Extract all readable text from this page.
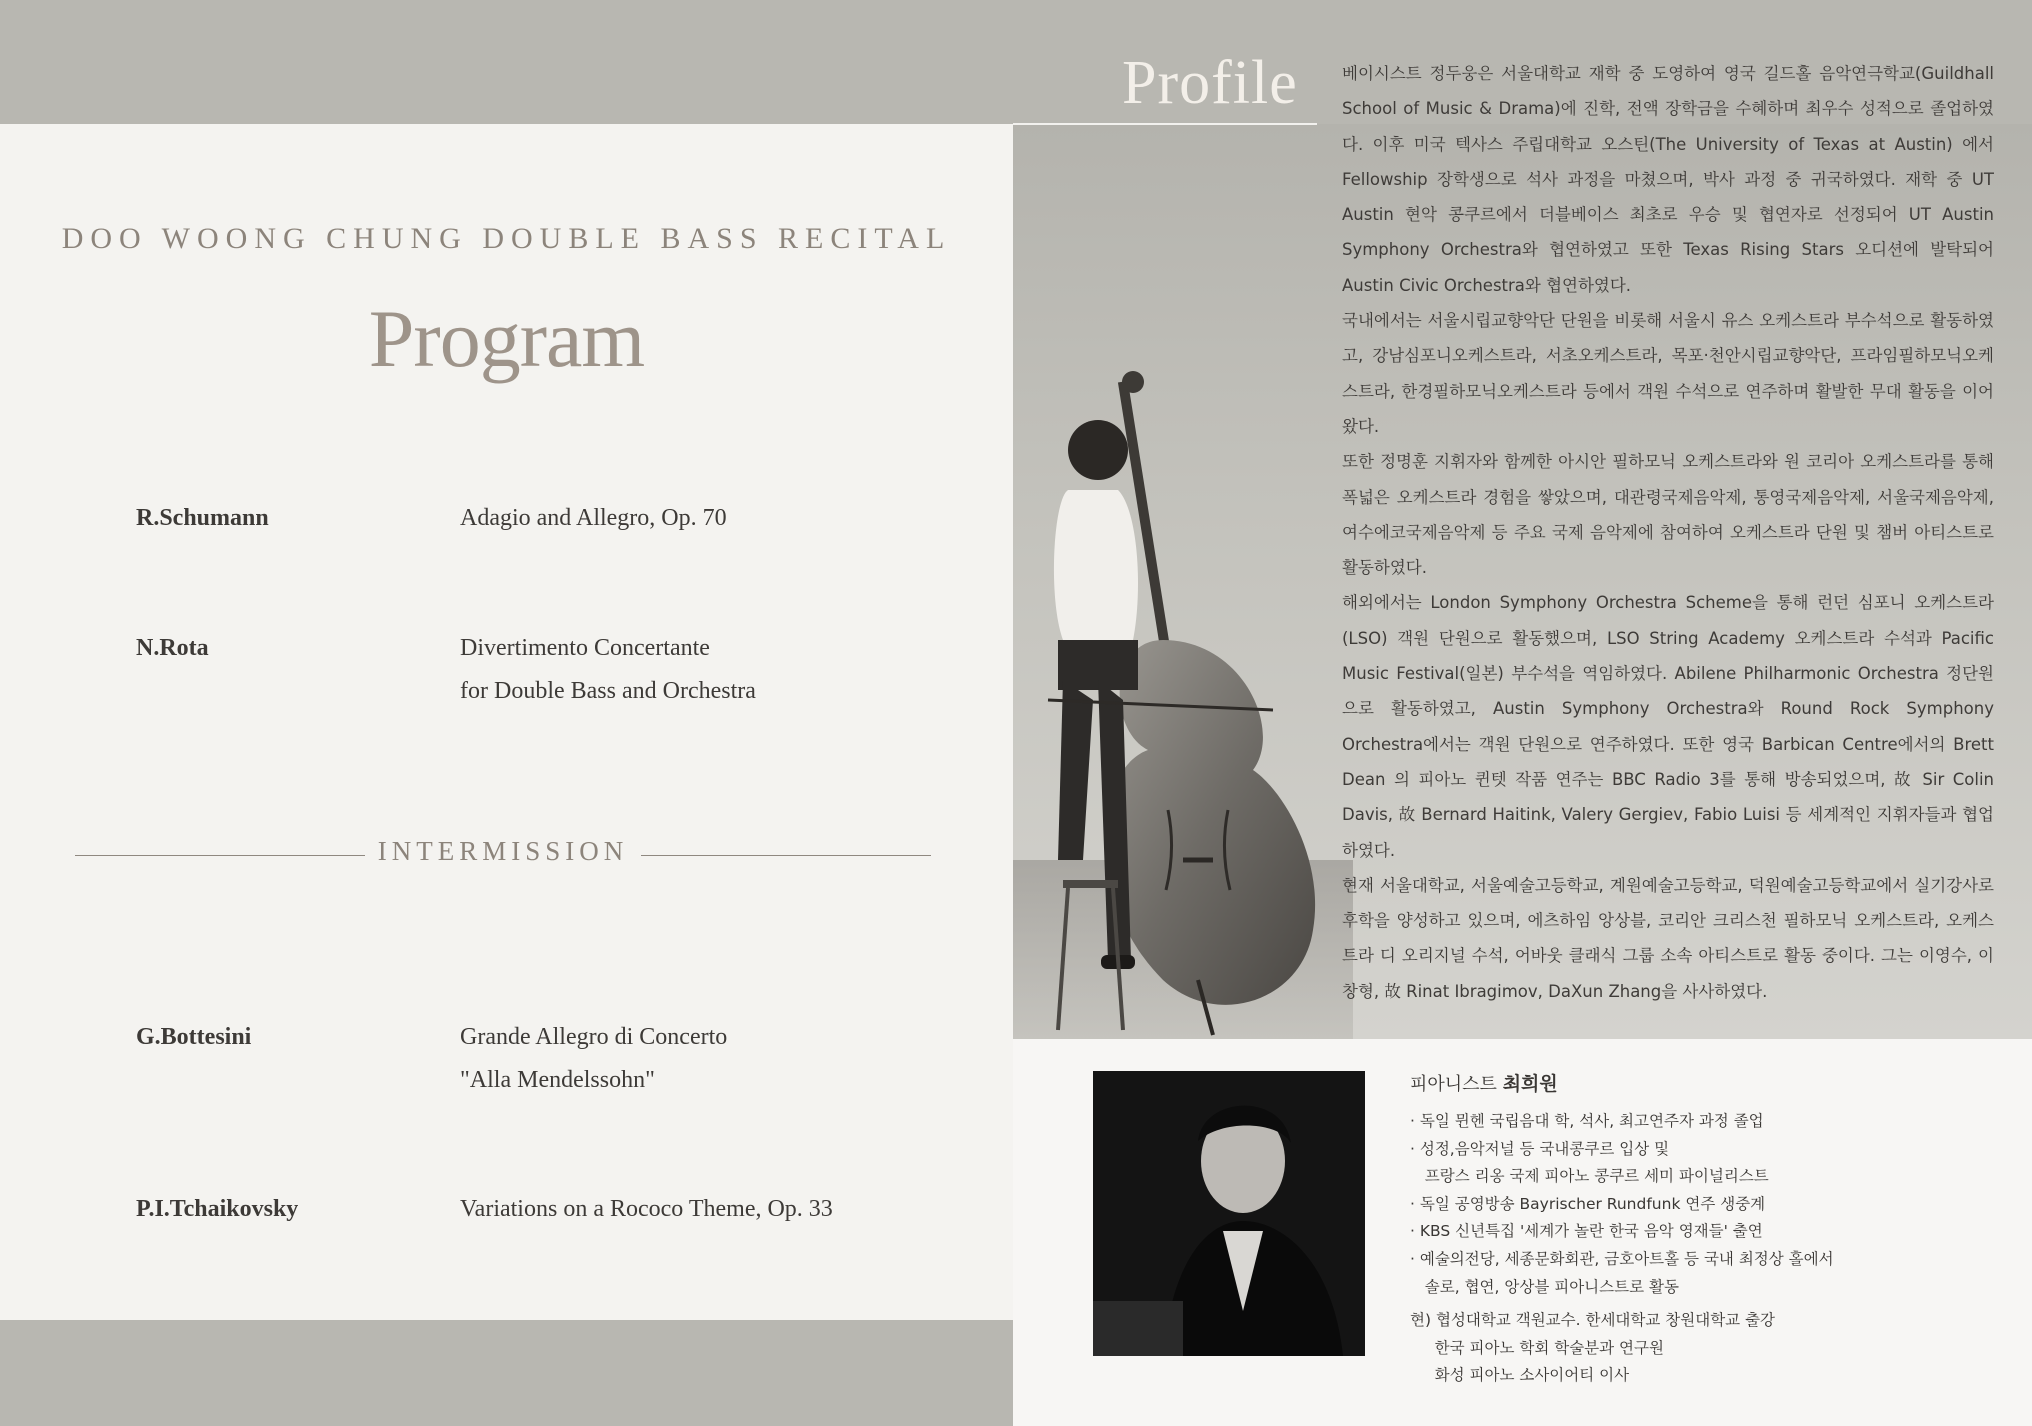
DOO WOONG CHUNG DOUBLE BASS RECITAL
Program
R.Schumann	Adagio and Allegro, Op. 70
N.Rota	Divertimento Concertante
for Double Bass and Orchestra
INTERMISSION
G.Bottesini	Grande Allegro di Concerto
"Alla Mendelssohn"
P.I.Tchaikovsky	Variations on a Rococo Theme, Op. 33
Profile	베이시스트 정두웅은 서울대학교 재학 중 도영하여 영국 길드홀 음악연극학교(Guildhall School of Music & Drama)에 진학, 전액 장학금을 수혜하며 최우수 성적으로 졸업하였다. 이후 미국 텍사스 주립대학교 오스틴(The University of Texas at Austin) 에서 Fellowship 장학생으로 석사 과정을 마쳤으며, 박사 과정 중 귀국하였다. 재학 중 UT Austin 현악 콩쿠르에서 더블베이스 최초로 우승 및 협연자로 선정되어 UT Austin Symphony Orchestra와 협연하였고 또한 Texas Rising Stars 오디션에 발탁되어 Austin Civic Orchestra와 협연하였다.

국내에서는 서울시립교향악단 단원을 비롯해 서울시 유스 오케스트라 부수석으로 활동하였고, 강남심포니오케스트라, 서초오케스트라, 목포·천안시립교향악단, 프라임필하모닉오케스트라, 한경필하모닉오케스트라 등에서 객원 수석으로 연주하며 활발한 무대 활동을 이어왔다.

또한 정명훈 지휘자와 함께한 아시안 필하모닉 오케스트라와 원 코리아 오케스트라를 통해 폭넓은 오케스트라 경험을 쌓았으며, 대관령국제음악제, 통영국제음악제, 서울국제음악제, 여수에코국제음악제 등 주요 국제 음악제에 참여하여 오케스트라 단원 및 챔버 아티스트로 활동하였다.

해외에서는 London Symphony Orchestra Scheme을 통해 런던 심포니 오케스트라(LSO) 객원 단원으로 활동했으며, LSO String Academy 오케스트라 수석과 Pacific Music Festival(일본) 부수석을 역임하였다. Abilene Philharmonic Orchestra 정단원으로 활동하였고, Austin Symphony Orchestra와 Round Rock Symphony Orchestra에서는 객원 단원으로 연주하였다. 또한 영국 Barbican Centre에서의 Brett Dean 의 피아노 퀸텟 작품 연주는 BBC Radio 3를 통해 방송되었으며, 故 Sir Colin Davis, 故 Bernard Haitink, Valery Gergiev, Fabio Luisi 등 세계적인 지휘자들과 협업하였다.

현재 서울대학교, 서울예술고등학교, 계원예술고등학교, 덕원예술고등학교에서 실기강사로 후학을 양성하고 있으며, 에츠하임 앙상블, 코리안 크리스천 필하모닉 오케스트라, 오케스트라 디 오리지널 수석, 어바웃 클래식 그룹 소속 아티스트로 활동 중이다. 그는 이영수, 이창형, 故 Rinat Ibragimov, DaXun Zhang을 사사하였다.

피아니스트 최희원
· 독일 뮌헨 국립음대 학, 석사, 최고연주자 과정 졸업
· 성정,음악저널 등 국내콩쿠르 입상 및
프랑스 리옹 국제 피아노 콩쿠르 세미 파이널리스트
· 독일 공영방송 Bayrischer Rundfunk 연주 생중계
· KBS 신년특집 '세계가 놀란 한국 음악 영재들' 출연
· 예술의전당, 세종문화회관, 금호아트홀 등 국내 최정상 홀에서
솔로, 협연, 앙상블 피아니스트로 활동
현) 협성대학교 객원교수. 한세대학교 창원대학교 출강
한국 피아노 학회 학술분과 연구원
화성 피아노 소사이어티 이사
